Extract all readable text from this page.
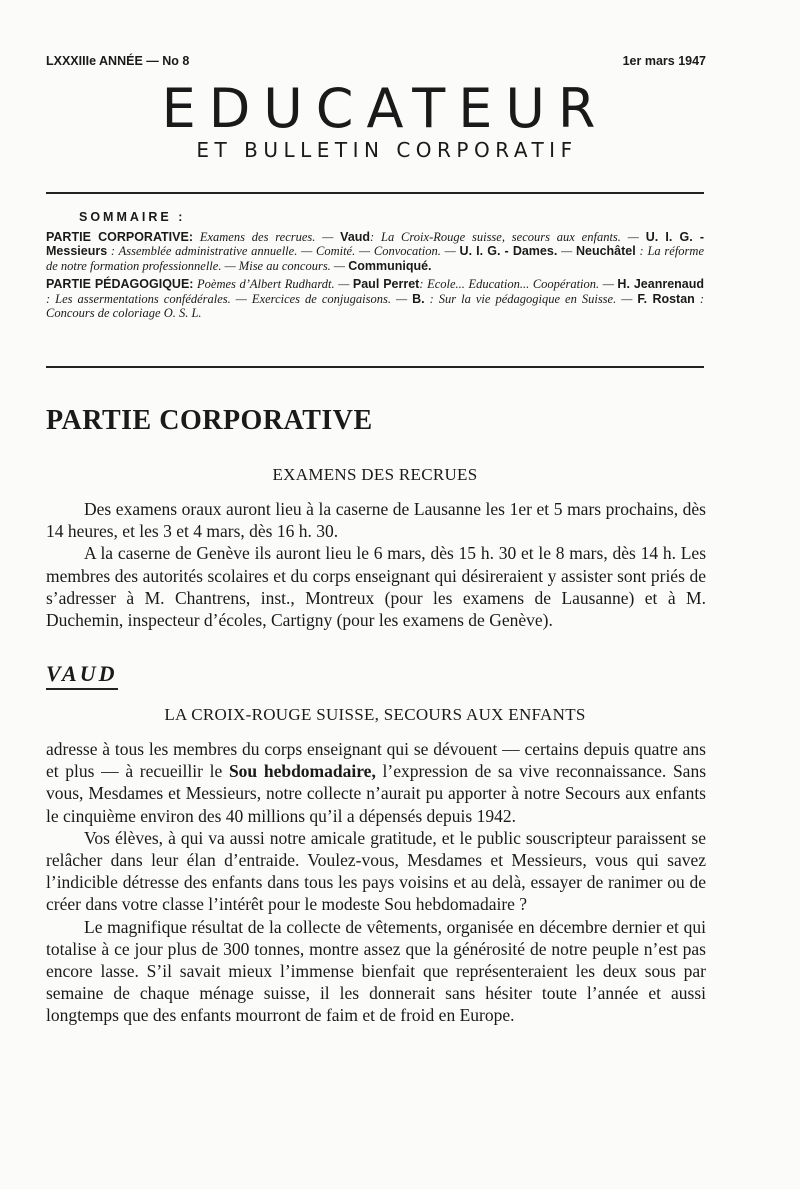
LXXXIIIe ANNÉE — No 8	1er mars 1947
EDUCATEUR
ET BULLETIN CORPORATIF
SOMMAIRE :
PARTIE CORPORATIVE: Examens des recrues. — Vaud: La Croix-Rouge suisse, secours aux enfants. — U. I. G. - Messieurs : Assemblée administrative annuelle. — Comité. — Convocation. — U. I. G. - Dames. — Neuchâtel : La réforme de notre formation professionnelle. — Mise au concours. — Communiqué.
PARTIE PÉDAGOGIQUE: Poèmes d’Albert Rudhardt. — Paul Perret: Ecole... Education... Coopération. — H. Jeanrenaud : Les assermentations confédérales. — Exercices de conjugaisons. — B. : Sur la vie pédagogique en Suisse. — F. Rostan : Concours de coloriage O. S. L.
PARTIE CORPORATIVE
EXAMENS DES RECRUES

Des examens oraux auront lieu à la caserne de Lausanne les 1er et 5 mars prochains, dès 14 heures, et les 3 et 4 mars, dès 16 h. 30.

A la caserne de Genève ils auront lieu le 6 mars, dès 15 h. 30 et le 8 mars, dès 14 h. Les membres des autorités scolaires et du corps enseignant qui désireraient y assister sont priés de s’adresser à M. Chantrens, inst., Montreux (pour les examens de Lausanne) et à M. Duchemin, inspecteur d’écoles, Cartigny (pour les examens de Genève).

VAUD
LA CROIX-ROUGE SUISSE, SECOURS AUX ENFANTS

adresse à tous les membres du corps enseignant qui se dévouent — certains depuis quatre ans et plus — à recueillir le Sou hebdomadaire, l’expression de sa vive reconnaissance. Sans vous, Mesdames et Messieurs, notre collecte n’aurait pu apporter à notre Secours aux enfants le cinquième environ des 40 millions qu’il a dépensés depuis 1942.

Vos élèves, à qui va aussi notre amicale gratitude, et le public souscripteur paraissent se relâcher dans leur élan d’entraide. Voulez-vous, Mesdames et Messieurs, vous qui savez l’indicible détresse des enfants dans tous les pays voisins et au delà, essayer de ranimer ou de créer dans votre classe l’intérêt pour le modeste Sou hebdomadaire ?

Le magnifique résultat de la collecte de vêtements, organisée en décembre dernier et qui totalise à ce jour plus de 300 tonnes, montre assez que la générosité de notre peuple n’est pas encore lasse. S’il savait mieux l’immense bienfait que représenteraient les deux sous par semaine de chaque ménage suisse, il les donnerait sans hésiter toute l’année et aussi longtemps que des enfants mourront de faim et de froid en Europe.
